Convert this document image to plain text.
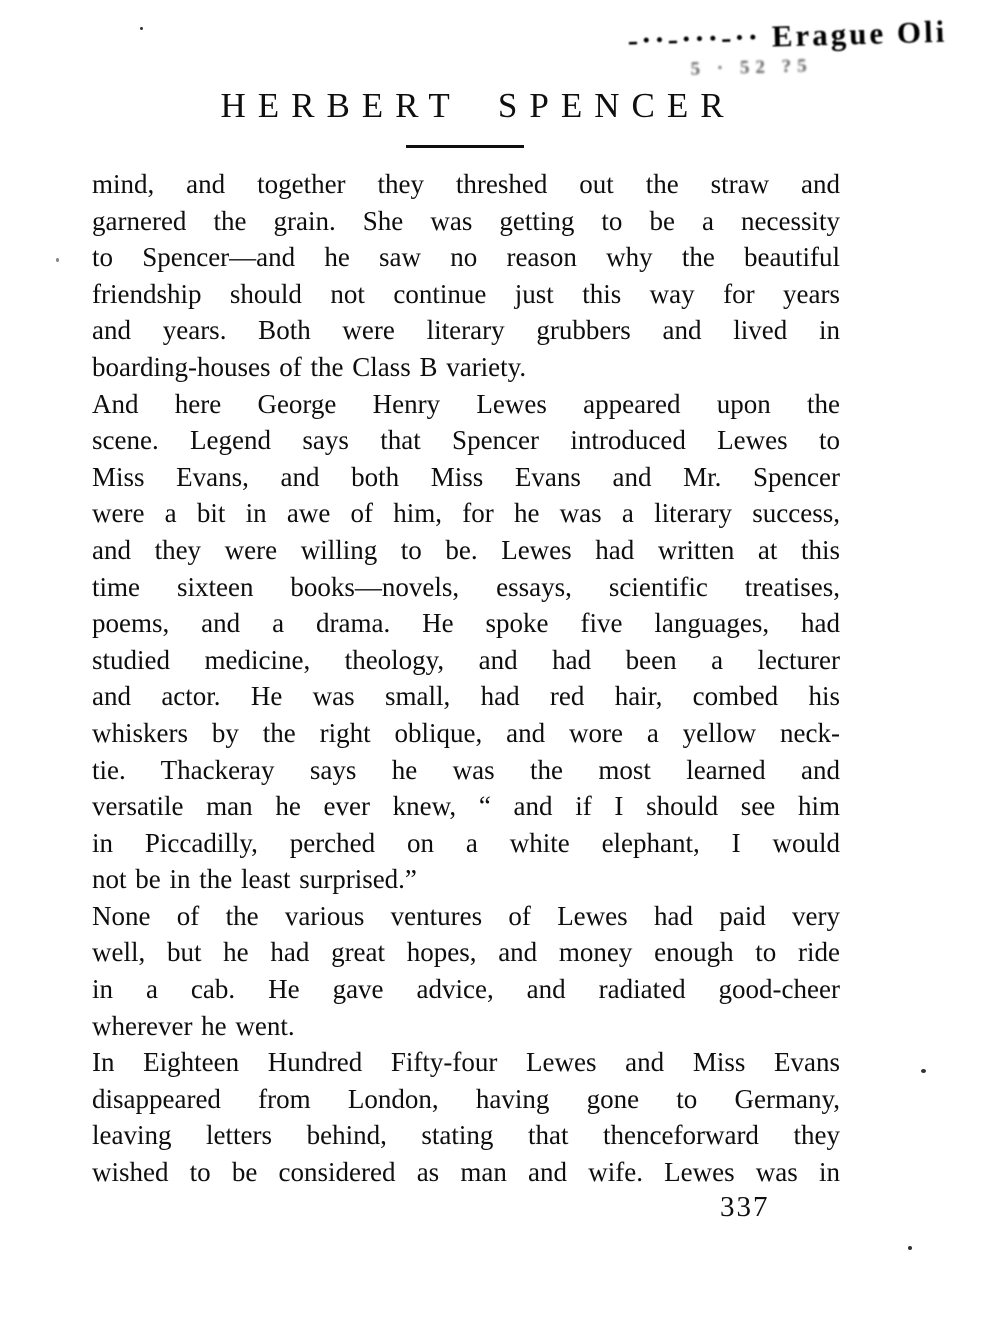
-··-···-·· Erague Oli
5 · 52 ?5
HERBERT SPENCER
mind, and together they threshed out the straw and
garnered the grain. She was getting to be a necessity
to Spencer—and he saw no reason why the beautiful
friendship should not continue just this way for years
and years. Both were literary grubbers and lived in
boarding-houses of the Class B variety.
And here George Henry Lewes appeared upon the
scene. Legend says that Spencer introduced Lewes to
Miss Evans, and both Miss Evans and Mr. Spencer
were a bit in awe of him, for he was a literary success,
and they were willing to be. Lewes had written at this
time sixteen books—novels, essays, scientific treatises,
poems, and a drama. He spoke five languages, had
studied medicine, theology, and had been a lecturer
and actor. He was small, had red hair, combed his
whiskers by the right oblique, and wore a yellow neck-
tie. Thackeray says he was the most learned and
versatile man he ever knew, “ and if I should see him
in Piccadilly, perched on a white elephant, I would
not be in the least surprised.”
None of the various ventures of Lewes had paid very
well, but he had great hopes, and money enough to ride
in a cab. He gave advice, and radiated good-cheer
wherever he went.
In Eighteen Hundred Fifty-four Lewes and Miss Evans
disappeared from London, having gone to Germany,
leaving letters behind, stating that thenceforward they
wished to be considered as man and wife. Lewes was in
337
